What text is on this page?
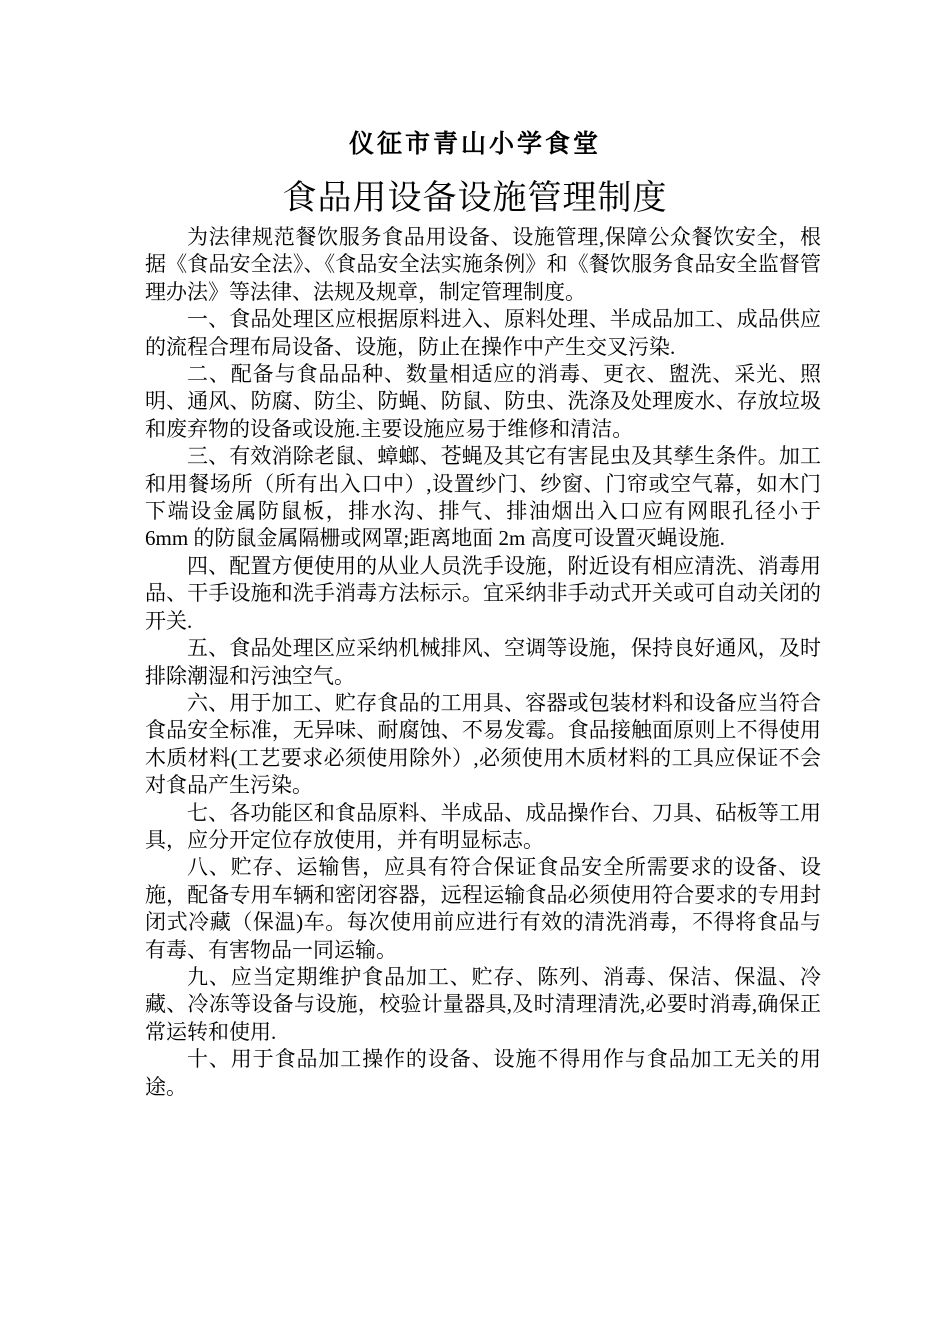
仪征市青山小学食堂
食品用设备设施管理制度

为法律规范餐饮服务食品用设备、设施管理,保障公众餐饮安全，根据《食品安全法》、《食品安全法实施条例》和《餐饮服务食品安全监督管理办法》等法律、法规及规章，制定管理制度。

一、食品处理区应根据原料进入、原料处理、半成品加工、成品供应的流程合理布局设备、设施，防止在操作中产生交叉污染.

二、配备与食品品种、数量相适应的消毒、更衣、盥洗、采光、照明、通风、防腐、防尘、防蝇、防鼠、防虫、洗涤及处理废水、存放垃圾和废弃物的设备或设施.主要设施应易于维修和清洁。

三、有效消除老鼠、蟑螂、苍蝇及其它有害昆虫及其孳生条件。加工和用餐场所（所有出入口中）,设置纱门、纱窗、门帘或空气幕，如木门下端设金属防鼠板，排水沟、排气、排油烟出入口应有网眼孔径小于 6mm 的防鼠金属隔栅或网罩;距离地面 2m 高度可设置灭蝇设施.

四、配置方便使用的从业人员洗手设施，附近设有相应清洗、消毒用品、干手设施和洗手消毒方法标示。宜采纳非手动式开关或可自动关闭的开关.

五、食品处理区应采纳机械排风、空调等设施，保持良好通风，及时排除潮湿和污浊空气。

六、用于加工、贮存食品的工用具、容器或包装材料和设备应当符合食品安全标准，无异味、耐腐蚀、不易发霉。食品接触面原则上不得使用木质材料(工艺要求必须使用除外）,必须使用木质材料的工具应保证不会对食品产生污染。

七、各功能区和食品原料、半成品、成品操作台、刀具、砧板等工用具，应分开定位存放使用，并有明显标志。

八、贮存、运输售，应具有符合保证食品安全所需要求的设备、设施，配备专用车辆和密闭容器，远程运输食品必须使用符合要求的专用封闭式冷藏（保温)车。每次使用前应进行有效的清洗消毒，不得将食品与有毒、有害物品一同运输。

九、应当定期维护食品加工、贮存、陈列、消毒、保洁、保温、冷藏、冷冻等设备与设施，校验计量器具,及时清理清洗,必要时消毒,确保正常运转和使用.

十、用于食品加工操作的设备、设施不得用作与食品加工无关的用途。
